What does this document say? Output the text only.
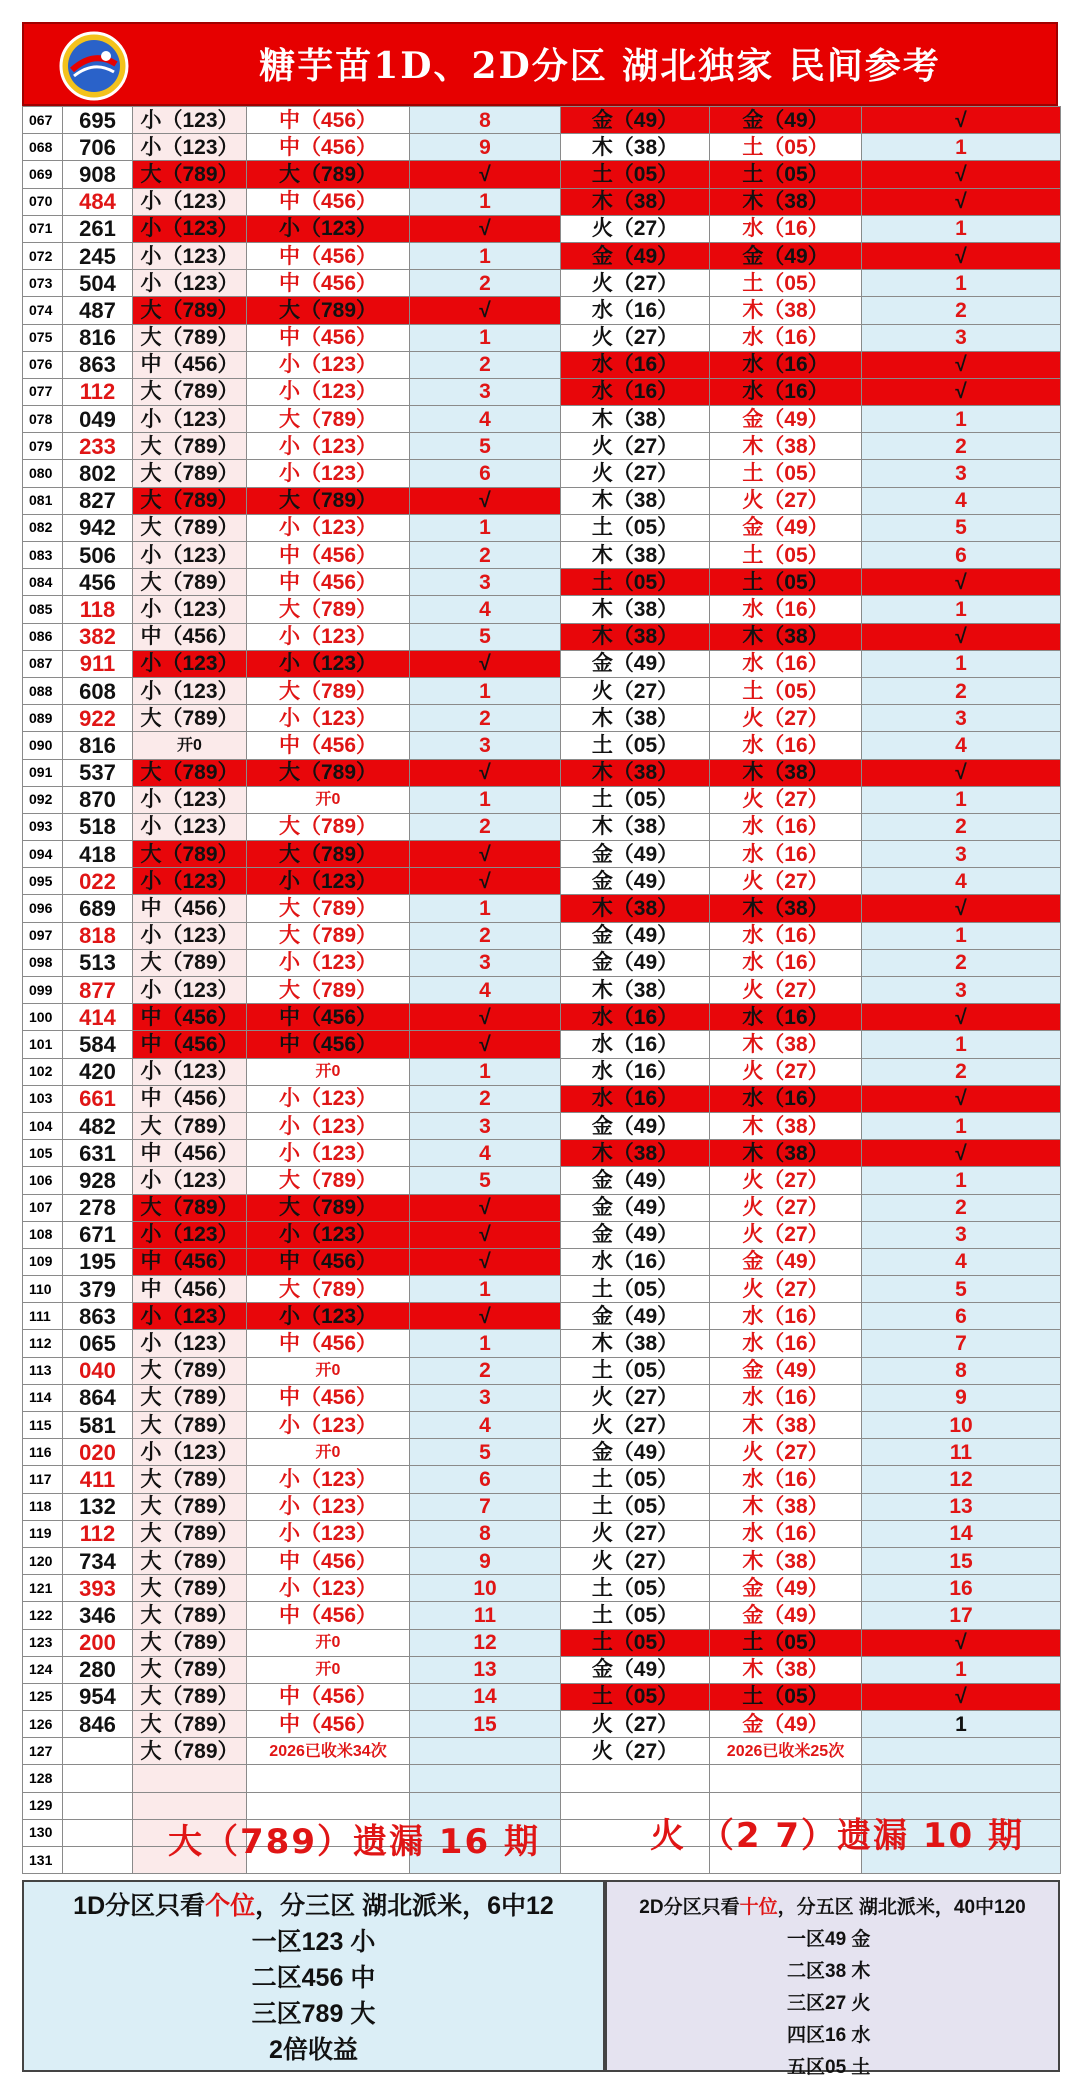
糖芋苗1D、2D分区 湖北独家 民间参考
067	695	小（123）	中（456）	8	金（49）	金（49）	√
068	706	小（123）	中（456）	9	木（38）	土（05）	1
069	908	大（789）	大（789）	√	土（05）	土（05）	√
070	484	小（123）	中（456）	1	木（38）	木（38）	√
071	261	小（123）	小（123）	√	火（27）	水（16）	1
072	245	小（123）	中（456）	1	金（49）	金（49）	√
073	504	小（123）	中（456）	2	火（27）	土（05）	1
074	487	大（789）	大（789）	√	水（16）	木（38）	2
075	816	大（789）	中（456）	1	火（27）	水（16）	3
076	863	中（456）	小（123）	2	水（16）	水（16）	√
077	112	大（789）	小（123）	3	水（16）	水（16）	√
078	049	小（123）	大（789）	4	木（38）	金（49）	1
079	233	大（789）	小（123）	5	火（27）	木（38）	2
080	802	大（789）	小（123）	6	火（27）	土（05）	3
081	827	大（789）	大（789）	√	木（38）	火（27）	4
082	942	大（789）	小（123）	1	土（05）	金（49）	5
083	506	小（123）	中（456）	2	木（38）	土（05）	6
084	456	大（789）	中（456）	3	土（05）	土（05）	√
085	118	小（123）	大（789）	4	木（38）	水（16）	1
086	382	中（456）	小（123）	5	木（38）	木（38）	√
087	911	小（123）	小（123）	√	金（49）	水（16）	1
088	608	小（123）	大（789）	1	火（27）	土（05）	2
089	922	大（789）	小（123）	2	木（38）	火（27）	3
090	816	开0	中（456）	3	土（05）	水（16）	4
091	537	大（789）	大（789）	√	木（38）	木（38）	√
092	870	小（123）	开0	1	土（05）	火（27）	1
093	518	小（123）	大（789）	2	木（38）	水（16）	2
094	418	大（789）	大（789）	√	金（49）	水（16）	3
095	022	小（123）	小（123）	√	金（49）	火（27）	4
096	689	中（456）	大（789）	1	木（38）	木（38）	√
097	818	小（123）	大（789）	2	金（49）	水（16）	1
098	513	大（789）	小（123）	3	金（49）	水（16）	2
099	877	小（123）	大（789）	4	木（38）	火（27）	3
100	414	中（456）	中（456）	√	水（16）	水（16）	√
101	584	中（456）	中（456）	√	水（16）	木（38）	1
102	420	小（123）	开0	1	水（16）	火（27）	2
103	661	中（456）	小（123）	2	水（16）	水（16）	√
104	482	大（789）	小（123）	3	金（49）	木（38）	1
105	631	中（456）	小（123）	4	木（38）	木（38）	√
106	928	小（123）	大（789）	5	金（49）	火（27）	1
107	278	大（789）	大（789）	√	金（49）	火（27）	2
108	671	小（123）	小（123）	√	金（49）	火（27）	3
109	195	中（456）	中（456）	√	水（16）	金（49）	4
110	379	中（456）	大（789）	1	土（05）	火（27）	5
111	863	小（123）	小（123）	√	金（49）	水（16）	6
112	065	小（123）	中（456）	1	木（38）	水（16）	7
113	040	大（789）	开0	2	土（05）	金（49）	8
114	864	大（789）	中（456）	3	火（27）	水（16）	9
115	581	大（789）	小（123）	4	火（27）	木（38）	10
116	020	小（123）	开0	5	金（49）	火（27）	11
117	411	大（789）	小（123）	6	土（05）	水（16）	12
118	132	大（789）	小（123）	7	土（05）	木（38）	13
119	112	大（789）	小（123）	8	火（27）	水（16）	14
120	734	大（789）	中（456）	9	火（27）	木（38）	15
121	393	大（789）	小（123）	10	土（05）	金（49）	16
122	346	大（789）	中（456）	11	土（05）	金（49）	17
123	200	大（789）	开0	12	土（05）	土（05）	√
124	280	大（789）	开0	13	金（49）	木（38）	1
125	954	大（789）	中（456）	14	土（05）	土（05）	√
126	846	大（789）	中（456）	15	火（27）	金（49）	1
127		大（789）	2026已收米34次		火（27）	2026已收米25次	
128							
129							
130							
131								大（789）遗漏 16 期	火 （2 7）遗漏 10 期
1D分区只看个位，分三区 湖北派米，6中12
一区123 小
二区456 中
三区789 大
2倍收益
2D分区只看十位，分五区 湖北派米，40中120
一区49 金
二区38 木
三区27 火
四区16 水
五区05 土
